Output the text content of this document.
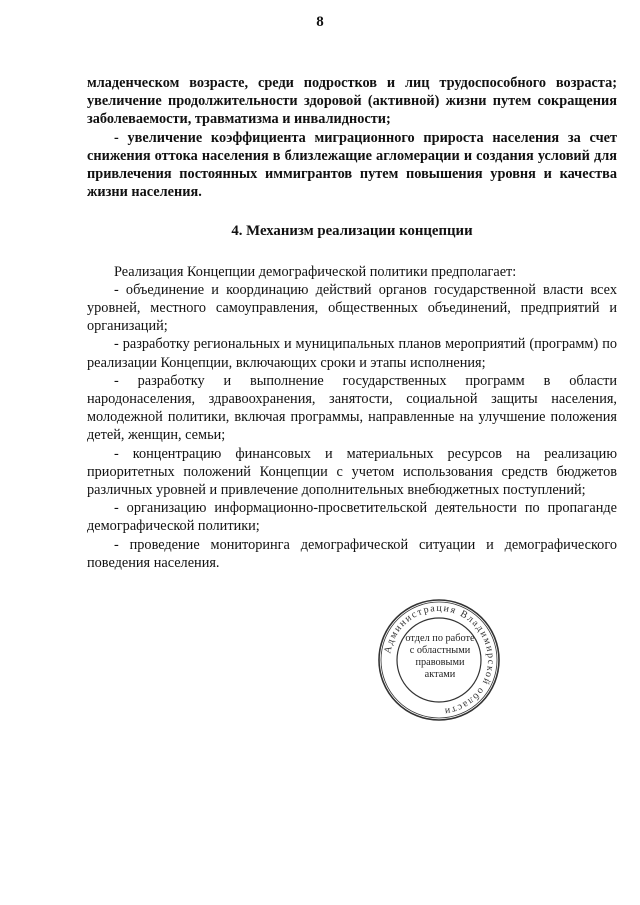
8

младенческом возрасте, среди подростков и лиц трудоспособного возраста; увеличение продолжительности здоровой (активной) жизни путем сокращения заболеваемости, травматизма и инвалидности;

- увеличение коэффициента миграционного прироста населения за счет снижения оттока населения в близлежащие агломерации и создания условий для привлечения постоянных иммигрантов путем повышения уровня и качества жизни населения.

4. Механизм реализации концепции

Реализация Концепции демографической политики предполагает:

- объединение и координацию действий органов государственной власти всех уровней, местного самоуправления, общественных объединений, предприятий и организаций;

- разработку региональных и муниципальных планов мероприятий (программ) по реализации Концепции, включающих сроки и этапы исполнения;

- разработку и выполнение государственных программ в области народонаселения, здравоохранения, занятости, социальной защиты населения, молодежной политики, включая программы, направленные на улучшение положения детей, женщин, семьи;

- концентрацию финансовых и материальных ресурсов на реализацию приоритетных положений Концепции с учетом использования средств бюджетов различных уровней и привлечение дополнительных внебюджетных поступлений;

- организацию информационно-просветительской деятельности по пропаганде демографической политики;

- проведение мониторинга демографической ситуации и демографического поведения населения.

Администрация Владимирской области
отдел по работе
с областными
правовыми
актами
